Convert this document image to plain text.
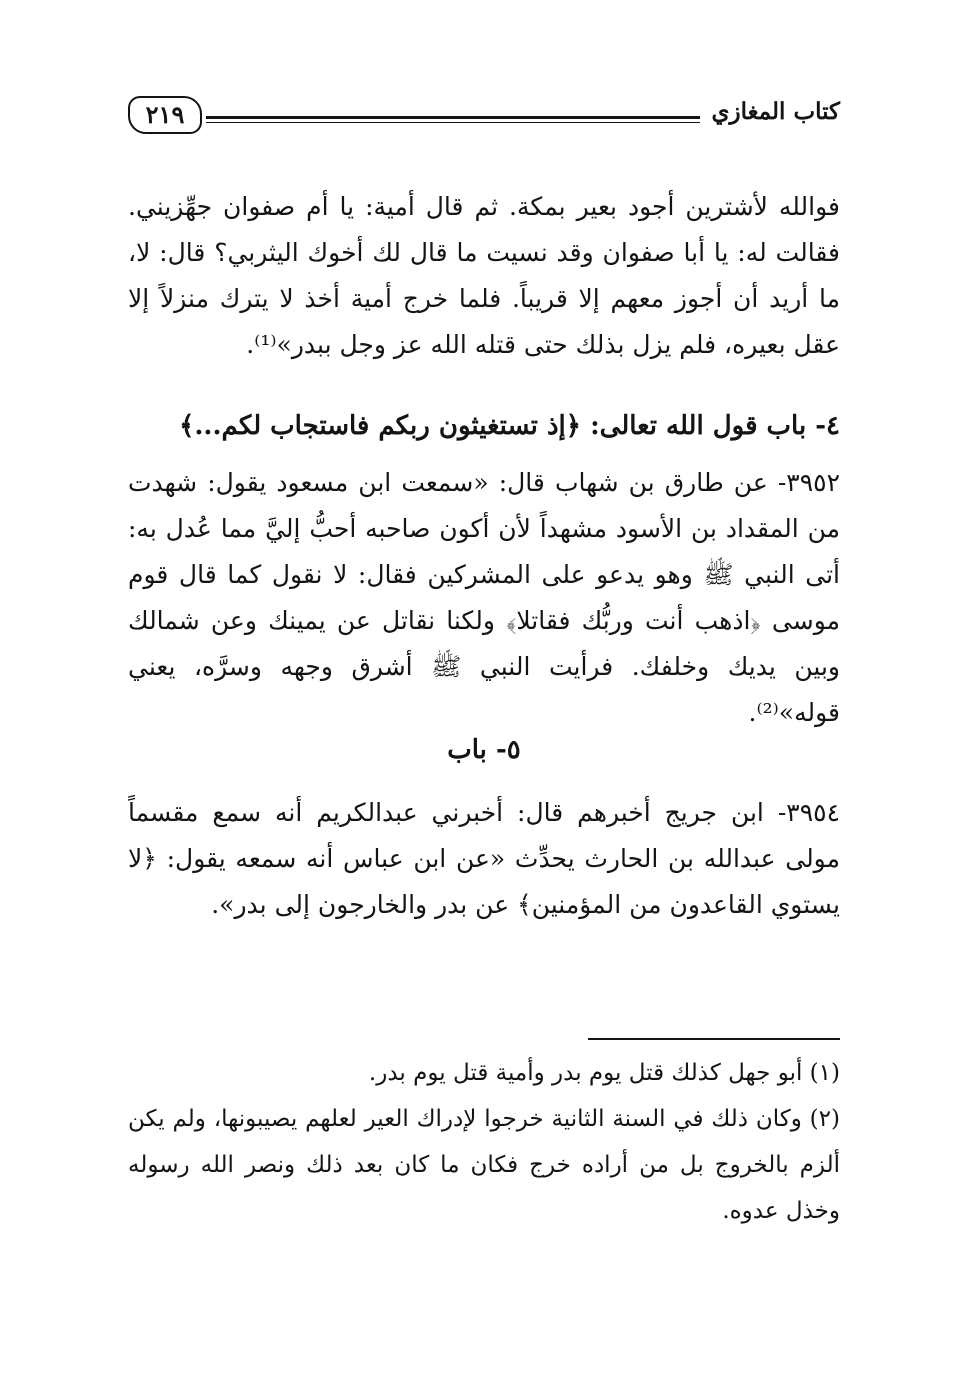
كتاب المغازي
٢١٩
فوالله لأشترين أجود بعير بمكة. ثم قال أمية: يا أم صفوان جهِّزيني. فقالت له: يا أبا صفوان وقد نسيت ما قال لك أخوك اليثربي؟ قال: لا، ما أريد أن أجوز معهم إلا قريباً. فلما خرج أمية أخذ لا يترك منزلاً إلا عقل بعيره، فلم يزل بذلك حتى قتله الله عز وجل ببدر»⁽¹⁾.
٤- باب قول الله تعالى: ﴿إذ تستغيثون ربكم فاستجاب لكم...﴾
٣٩٥٢- عن طارق بن شهاب قال: «سمعت ابن مسعود يقول: شهدت من المقداد بن الأسود مشهداً لأن أكون صاحبه أحبُّ إليَّ مما عُدل به: أتى النبي ﷺ وهو يدعو على المشركين فقال: لا نقول كما قال قوم موسى ﴿اذهب أنت وربُّك فقاتلا﴾ ولكنا نقاتل عن يمينك وعن شمالك وبين يديك وخلفك. فرأيت النبي ﷺ أشرق وجهه وسرَّه، يعني قوله»⁽²⁾.
٥- باب
٣٩٥٤- ابن جريج أخبرهم قال: أخبرني عبدالكريم أنه سمع مقسماً مولى عبدالله بن الحارث يحدِّث «عن ابن عباس أنه سمعه يقول: ﴿لا يستوي القاعدون من المؤمنين﴾ عن بدر والخارجون إلى بدر».

(١) أبو جهل كذلك قتل يوم بدر وأمية قتل يوم بدر.

(٢) وكان ذلك في السنة الثانية خرجوا لإدراك العير لعلهم يصيبونها، ولم يكن ألزم بالخروج بل من أراده خرج فكان ما كان بعد ذلك ونصر الله رسوله وخذل عدوه.
